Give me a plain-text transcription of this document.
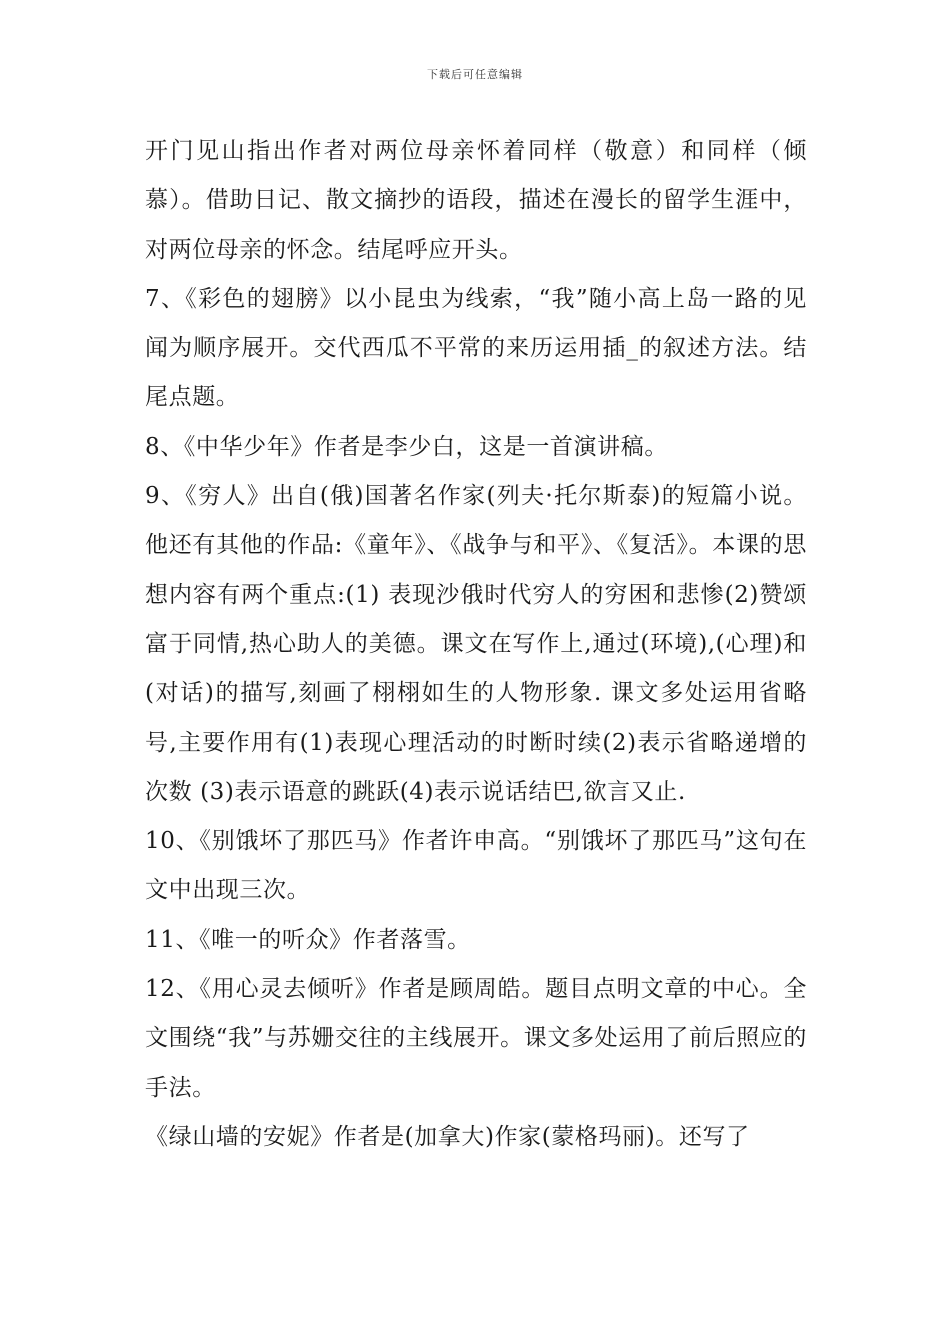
下载后可任意编辑

开门见山指出作者对两位母亲怀着同样（敬意）和同样（倾慕）。借助日记、散文摘抄的语段，描述在漫长的留学生涯中，对两位母亲的怀念。结尾呼应开头。

7、《彩色的翅膀》以小昆虫为线索，“我”随小高上岛一路的见闻为顺序展开。交代西瓜不平常的来历运用插_的叙述方法。结尾点题。

8、《中华少年》作者是李少白，这是一首演讲稿。

9、《穷人》出自(俄)国著名作家(列夫·托尔斯泰)的短篇小说。他还有其他的作品:《童年》、《战争与和平》、《复活》。本课的思想内容有两个重点:(1) 表现沙俄时代穷人的穷困和悲惨(2)赞颂富于同情,热心助人的美德。课文在写作上,通过(环境),(心理)和(对话)的描写,刻画了栩栩如生的人物形象. 课文多处运用省略号,主要作用有(1)表现心理活动的时断时续(2)表示省略递增的次数 (3)表示语意的跳跃(4)表示说话结巴,欲言又止.

10、《别饿坏了那匹马》作者许申高。“别饿坏了那匹马”这句在文中出现三次。

11、《唯一的听众》作者落雪。

12、《用心灵去倾听》作者是顾周皓。题目点明文章的中心。全文围绕“我”与苏姗交往的主线展开。课文多处运用了前后照应的手法。

《绿山墙的安妮》作者是(加拿大)作家(蒙格玛丽)。还写了
